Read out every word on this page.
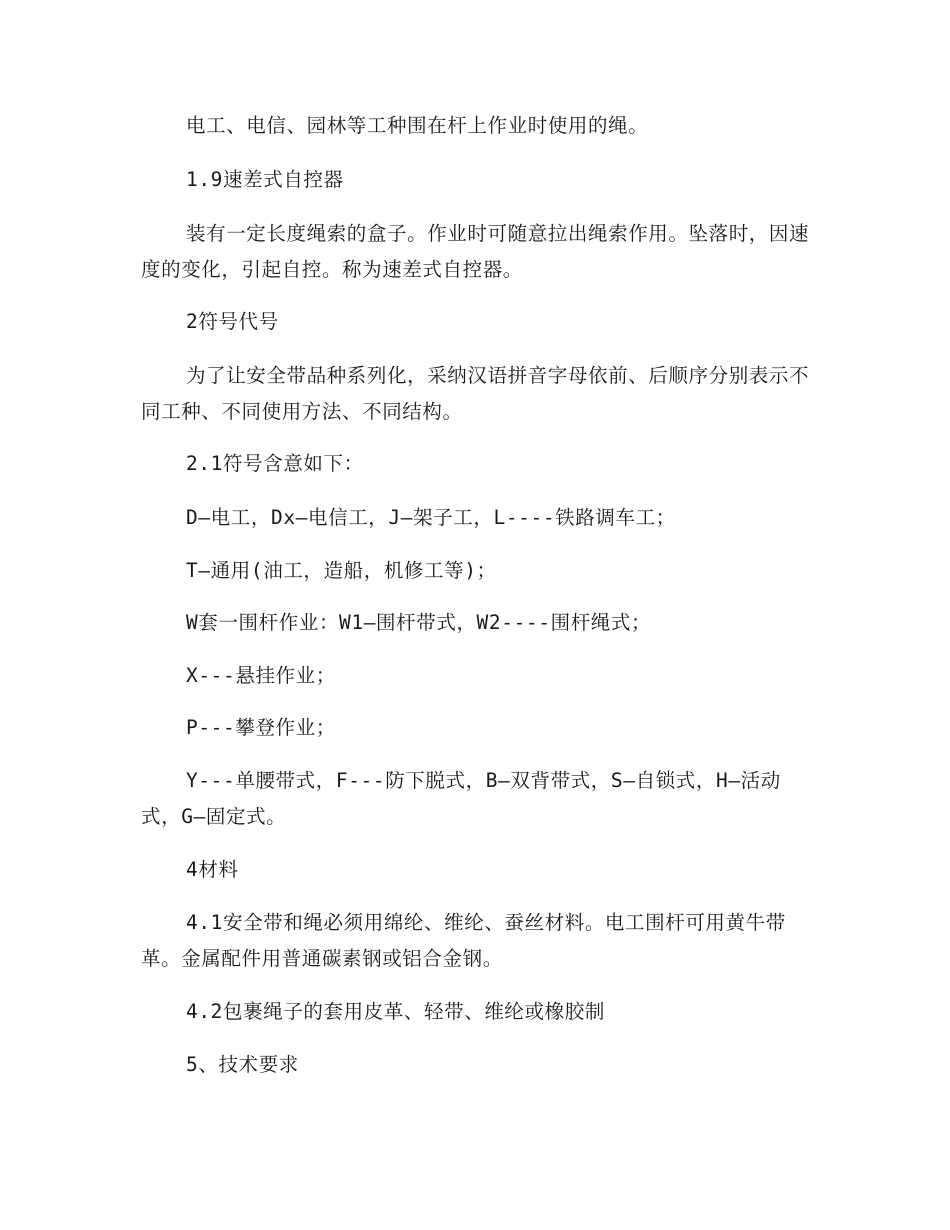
电工、电信、园林等工种围在杆上作业时使用的绳。

1.9速差式自控器

装有一定长度绳索的盒子。作业时可随意拉出绳索作用。坠落时，因速度的变化，引起自控。称为速差式自控器。

2符号代号

为了让安全带品种系列化，采纳汉语拼音字母依前、后顺序分别表示不同工种、不同使用方法、不同结构。

2.1符号含意如下：

D—电工，Dx—电信工，J—架子工，L----铁路调车工；

T—通用(油工，造船，机修工等)；

W套一围杆作业：W1—围杆带式，W2----围杆绳式；

X---悬挂作业；

P---攀登作业；

Y---单腰带式，F---防下脱式，B—双背带式，S—自锁式，H—活动式，G—固定式。

4材料

4.1安全带和绳必须用绵纶、维纶、蚕丝材料。电工围杆可用黄牛带革。金属配件用普通碳素钢或铝合金钢。

4.2包裹绳子的套用皮革、轻带、维纶或橡胶制

5、技术要求
